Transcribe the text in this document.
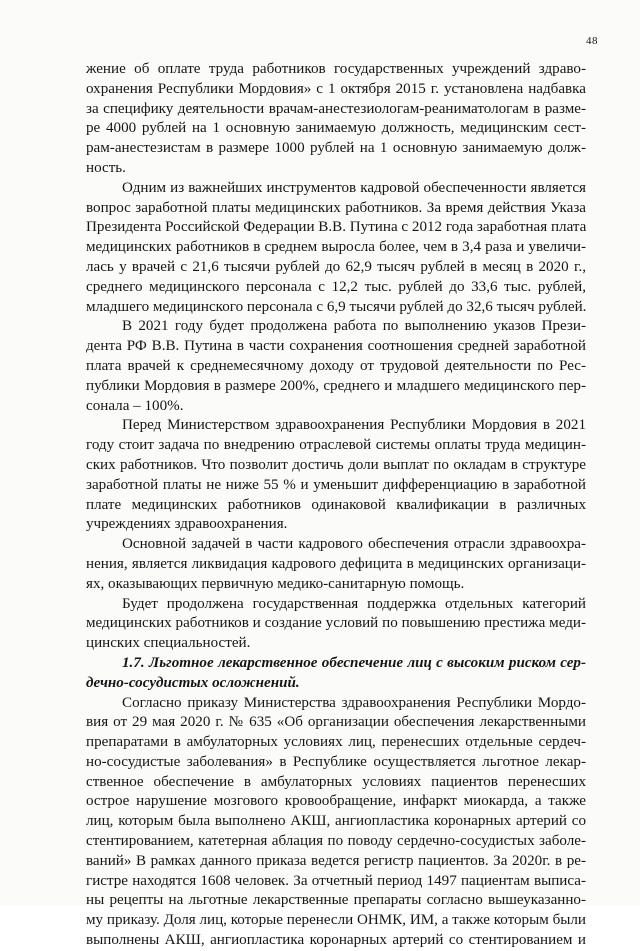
48
жение об оплате труда работников государственных учреждений здраво-
охранения Республики Мордовия» с 1 октября 2015 г. установлена надбавка
за специфику деятельности врачам-анестезиологам-реаниматологам в разме-
ре 4000 рублей на 1 основную занимаемую должность, медицинским сест-
рам-анестезистам в размере 1000 рублей на 1 основную занимаемую долж-
ность.
Одним из важнейших инструментов кадровой обеспеченности является
вопрос заработной платы медицинских работников. За время действия Указа
Президента Российской Федерации В.В. Путина с 2012 года заработная плата
медицинских работников в среднем выросла более, чем в 3,4 раза и увеличи-
лась у врачей с 21,6 тысячи рублей до 62,9 тысяч рублей в месяц в 2020 г.,
среднего медицинского персонала с 12,2 тыс. рублей до 33,6 тыс. рублей,
младшего медицинского персонала с 6,9 тысячи рублей до 32,6 тысяч рублей.
В 2021 году будет продолжена работа по выполнению указов Прези-
дента РФ В.В. Путина в части сохранения соотношения средней заработной
плата врачей к среднемесячному доходу от трудовой деятельности по Рес-
публики Мордовия в размере 200%, среднего и младшего медицинского пер-
сонала – 100%.
Перед Министерством здравоохранения Республики Мордовия в 2021
году стоит задача по внедрению отраслевой системы оплаты труда медицин-
ских работников. Что позволит достичь доли выплат по окладам в структуре
заработной платы не ниже 55 % и уменьшит дифференциацию в заработной
плате медицинских работников одинаковой квалификации в различных
учреждениях здравоохранения.
Основной задачей в части кадрового обеспечения отрасли здравоохра-
нения, является ликвидация кадрового дефицита в медицинских организаци-
ях, оказывающих первичную медико-санитарную помощь.
Будет продолжена государственная поддержка отдельных категорий
медицинских работников и создание условий по повышению престижа меди-
цинских специальностей.
1.7. Льготное лекарственное обеспечение лиц с высоким риском сер-
дечно-сосудистых осложнений.
Согласно приказу Министерства здравоохранения Республики Мордо-
вия от 29 мая 2020 г. № 635 «Об организации обеспечения лекарственными
препаратами в амбулаторных условиях лиц, перенесших отдельные сердеч-
но-сосудистые заболевания» в Республике осуществляется льготное лекар-
ственное обеспечение в амбулаторных условиях пациентов перенесших
острое нарушение мозгового кровообращение, инфаркт миокарда, а также
лиц, которым была выполнено АКШ, ангиопластика коронарных артерий со
стентированием, катетерная аблация по поводу сердечно-сосудистых заболе-
ваний» В рамках данного приказа ведется регистр пациентов. За 2020г. в ре-
гистре находятся 1608 человек. За отчетный период 1497 пациентам выписа-
ны рецепты на льготные лекарственные препараты согласно вышеуказанно-
му приказу. Доля лиц, которые перенесли ОНМК, ИМ, а также которым были
выполнены АКШ, ангиопластика коронарных артерий со стентированием и
